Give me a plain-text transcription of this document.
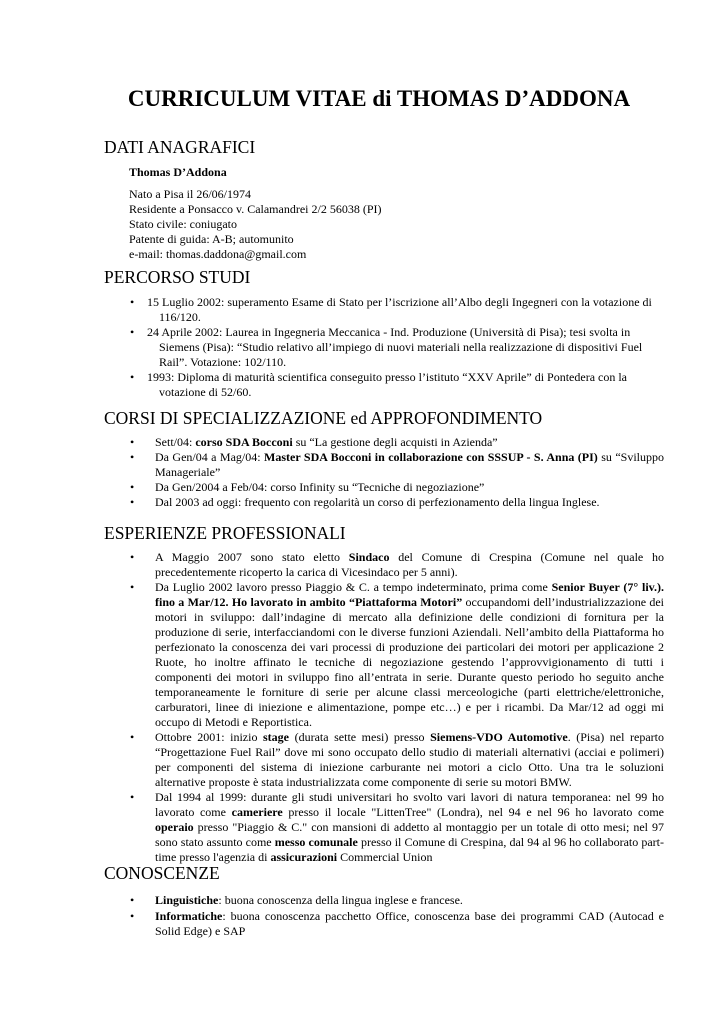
CURRICULUM VITAE di THOMAS D’ADDONA
DATI ANAGRAFICI
Thomas D’Addona
Nato a Pisa il 26/06/1974
Residente a Ponsacco v. Calamandrei 2/2 56038 (PI)
Stato civile: coniugato
Patente di guida: A-B; automunito
e-mail: thomas.daddona@gmail.com
PERCORSO STUDI
• 15 Luglio 2002: superamento Esame di Stato per l’iscrizione all’Albo degli Ingegneri con la votazione di 116/120.
• 24 Aprile 2002: Laurea in Ingegneria Meccanica - Ind. Produzione (Università di Pisa); tesi svolta in Siemens (Pisa): “Studio relativo all’impiego di nuovi materiali nella realizzazione di dispositivi Fuel Rail”. Votazione: 102/110.
• 1993: Diploma di maturità scientifica conseguito presso l’istituto “XXV Aprile” di Pontedera con la votazione di 52/60.
CORSI DI SPECIALIZZAZIONE ed APPROFONDIMENTO
• Sett/04: corso SDA Bocconi su “La gestione degli acquisti in Azienda”
• Da Gen/04 a Mag/04: Master SDA Bocconi in collaborazione con SSSUP - S. Anna (PI) su “Sviluppo Manageriale”
• Da Gen/2004 a Feb/04: corso Infinity su “Tecniche di negoziazione”
• Dal 2003 ad oggi: frequento con regolarità un corso di perfezionamento della lingua Inglese.
ESPERIENZE PROFESSIONALI
• A Maggio 2007 sono stato eletto Sindaco del Comune di Crespina (Comune nel quale ho precedentemente ricoperto la carica di Vicesindaco per 5 anni).
• Da Luglio 2002 lavoro presso Piaggio & C. a tempo indeterminato, prima come Senior Buyer (7° liv.). fino a Mar/12. Ho lavorato in ambito “Piattaforma Motori” occupandomi dell’industrializzazione dei motori in sviluppo: dall’indagine di mercato alla definizione delle condizioni di fornitura per la produzione di serie, interfacciandomi con le diverse funzioni Aziendali. Nell’ambito della Piattaforma ho perfezionato la conoscenza dei vari processi di produzione dei particolari dei motori per applicazione 2 Ruote, ho inoltre affinato le tecniche di negoziazione gestendo l’approvvigionamento di tutti i componenti dei motori in sviluppo fino all’entrata in serie. Durante questo periodo ho seguito anche temporaneamente le forniture di serie per alcune classi merceologiche (parti elettriche/elettroniche, carburatori, linee di iniezione e alimentazione, pompe etc…) e per i ricambi. Da Mar/12 ad oggi mi occupo di Metodi e Reportistica.
• Ottobre 2001: inizio stage (durata sette mesi) presso Siemens-VDO Automotive. (Pisa) nel reparto “Progettazione Fuel Rail” dove mi sono occupato dello studio di materiali alternativi (acciai e polimeri) per componenti del sistema di iniezione carburante nei motori a ciclo Otto. Una tra le soluzioni alternative proposte è stata industrializzata come componente di serie su motori BMW.
• Dal 1994 al 1999: durante gli studi universitari ho svolto vari lavori di natura temporanea: nel 99 ho lavorato come cameriere presso il locale "LittenTree" (Londra), nel 94 e nel 96 ho lavorato come operaio presso "Piaggio & C." con mansioni di addetto al montaggio per un totale di otto mesi; nel 97 sono stato assunto come messo comunale presso il Comune di Crespina, dal 94 al 96 ho collaborato part-time presso l'agenzia di assicurazioni Commercial Union
CONOSCENZE
• Linguistiche: buona conoscenza della lingua inglese e francese.
• Informatiche: buona conoscenza pacchetto Office, conoscenza base dei programmi CAD (Autocad e Solid Edge) e SAP
